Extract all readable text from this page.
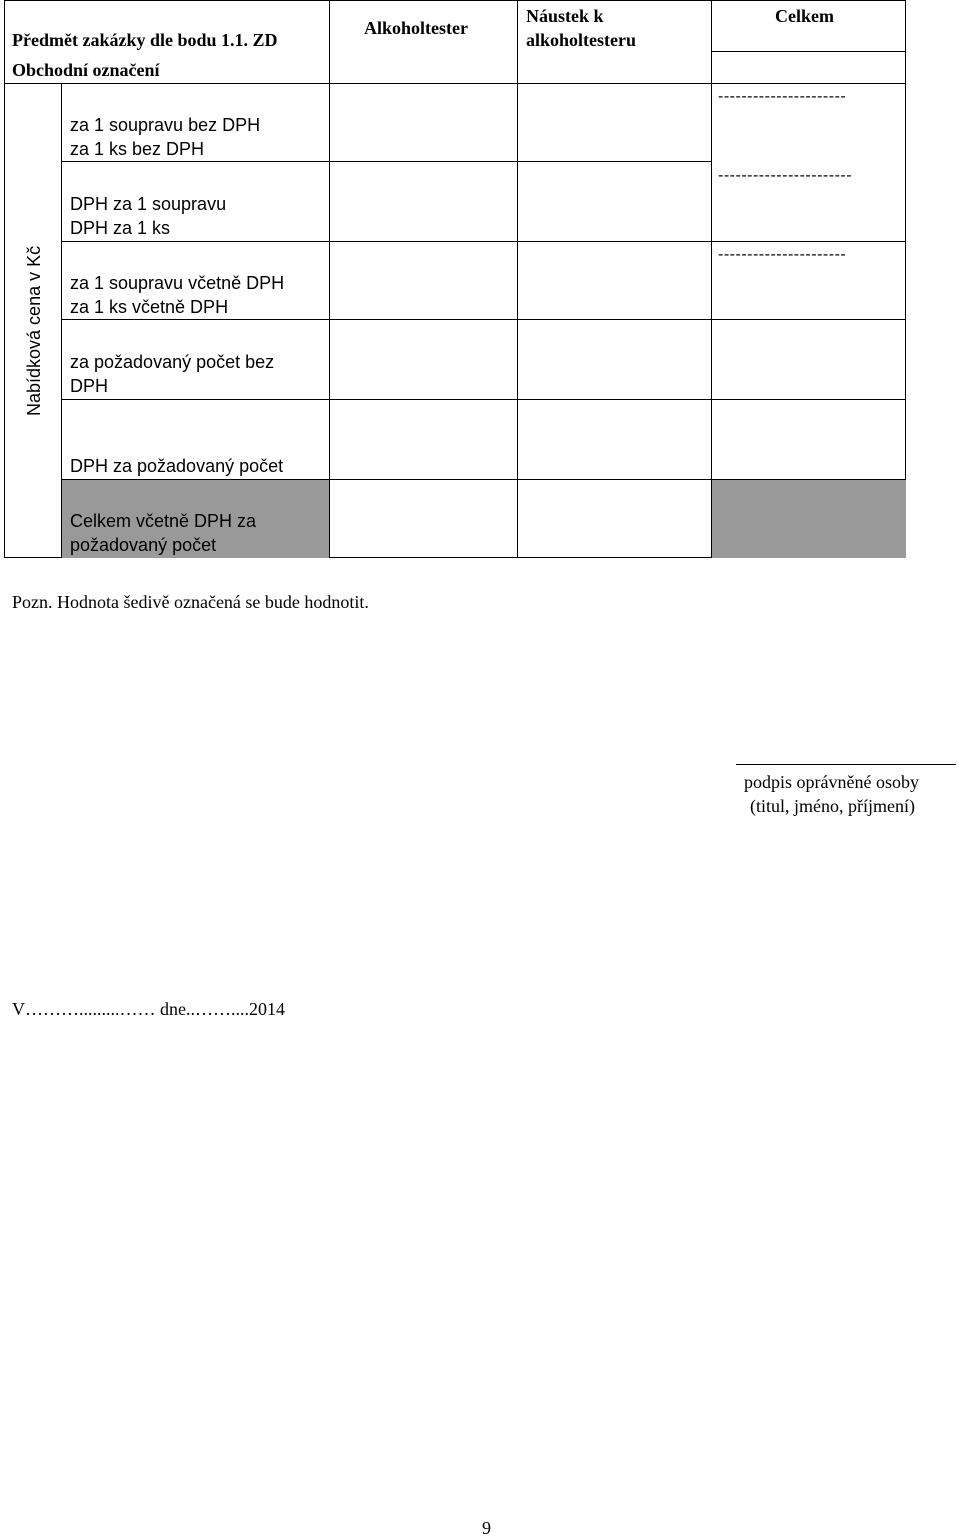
Předmět zakázky dle bodu 1.1. ZD
Obchodní označení
Alkoholtester
Náustek k
alkoholtesteru
Celkem
Nabídková cena v Kč
za 1 soupravu bez DPH
za 1 ks bez DPH
----------------------
DPH za 1 soupravu
DPH za 1 ks
-----------------------
za 1 soupravu včetně DPH
za 1 ks včetně DPH
----------------------
za požadovaný počet bez
DPH
DPH za požadovaný počet
Celkem včetně DPH za
požadovaný počet
Pozn. Hodnota šedivě označená se bude hodnotit.
podpis oprávněné osoby
(titul, jméno, příjmení)
V……….........…… dne..……....2014
9
